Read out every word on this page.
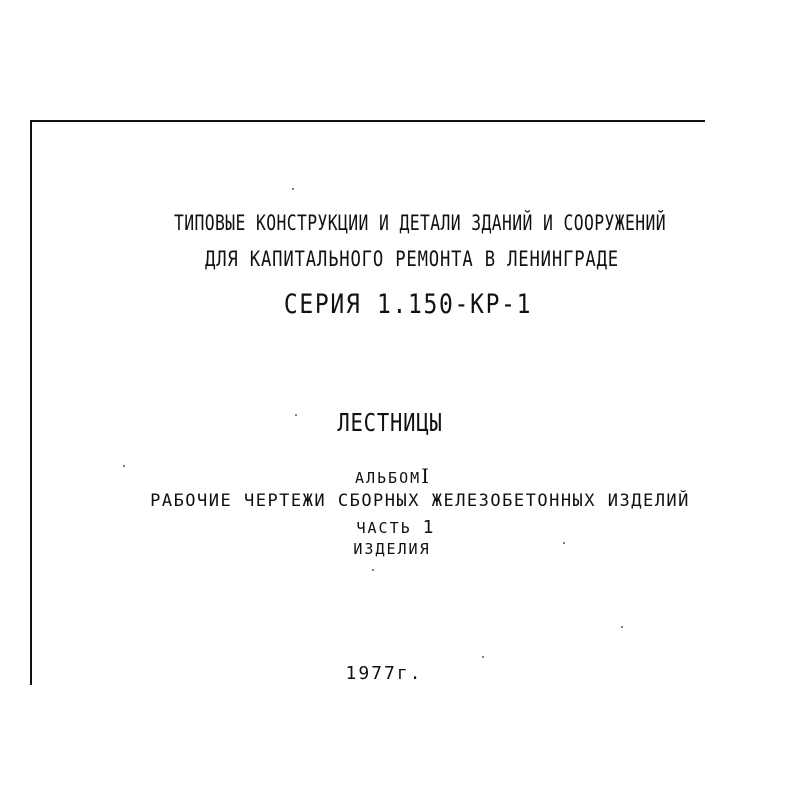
ТИПОВЫЕ КОНСТРУКЦИИ И ДЕТАЛИ ЗДАНИЙ И СООРУЖЕНИЙ
ДЛЯ КАПИТАЛЬНОГО РЕМОНТА В ЛЕНИНГРАДЕ
СЕРИЯ 1.150-КР-1
ЛЕСТНИЦЫ
АЛЬБОМI
РАБОЧИЕ ЧЕРТЕЖИ СБОРНЫХ ЖЕЛЕЗОБЕТОННЫХ ИЗДЕЛИЙ
ЧАСТЬ 1
ИЗДЕЛИЯ
1977г.
